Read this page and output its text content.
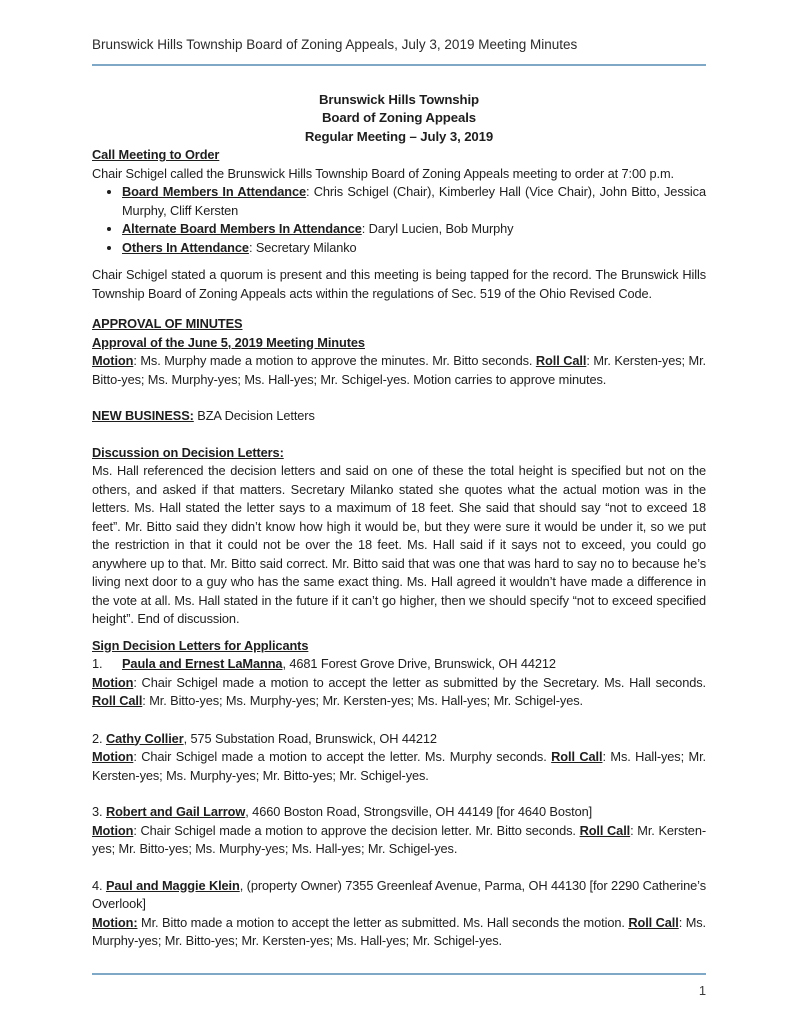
Brunswick Hills Township Board of Zoning Appeals, July 3, 2019 Meeting Minutes
Brunswick Hills Township
Board of Zoning Appeals
Regular Meeting – July 3, 2019
Call Meeting to Order

Chair Schigel called the Brunswick Hills Township Board of Zoning Appeals meeting to order at 7:00 p.m.

• Board Members In Attendance: Chris Schigel (Chair), Kimberley Hall (Vice Chair), John Bitto, Jessica Murphy, Cliff Kersten
• Alternate Board Members In Attendance: Daryl Lucien, Bob Murphy
• Others In Attendance: Secretary Milanko

Chair Schigel stated a quorum is present and this meeting is being tapped for the record. The Brunswick Hills Township Board of Zoning Appeals acts within the regulations of Sec. 519 of the Ohio Revised Code.

APPROVAL OF MINUTES
Approval of the June 5, 2019 Meeting Minutes

Motion: Ms. Murphy made a motion to approve the minutes. Mr. Bitto seconds. Roll Call: Mr. Kersten-yes; Mr. Bitto-yes; Ms. Murphy-yes; Ms. Hall-yes; Mr. Schigel-yes. Motion carries to approve minutes.

NEW BUSINESS: BZA Decision Letters

Discussion on Decision Letters:

Ms. Hall referenced the decision letters and said on one of these the total height is specified but not on the others, and asked if that matters. Secretary Milanko stated she quotes what the actual motion was in the letters. Ms. Hall stated the letter says to a maximum of 18 feet. She said that should say “not to exceed 18 feet”. Mr. Bitto said they didn’t know how high it would be, but they were sure it would be under it, so we put the restriction in that it could not be over the 18 feet. Ms. Hall said if it says not to exceed, you could go anywhere up to that. Mr. Bitto said correct. Mr. Bitto said that was one that was hard to say no to because he’s living next door to a guy who has the same exact thing. Ms. Hall agreed it wouldn’t have made a difference in the vote at all. Ms. Hall stated in the future if it can’t go higher, then we should specify “not to exceed specified height”. End of discussion.

Sign Decision Letters for Applicants

1. Paula and Ernest LaManna, 4681 Forest Grove Drive, Brunswick, OH 44212

Motion: Chair Schigel made a motion to accept the letter as submitted by the Secretary. Ms. Hall seconds. Roll Call: Mr. Bitto-yes; Ms. Murphy-yes; Mr. Kersten-yes; Ms. Hall-yes; Mr. Schigel-yes.

2. Cathy Collier, 575 Substation Road, Brunswick, OH 44212

Motion: Chair Schigel made a motion to accept the letter. Ms. Murphy seconds. Roll Call: Ms. Hall-yes; Mr. Kersten-yes; Ms. Murphy-yes; Mr. Bitto-yes; Mr. Schigel-yes.

3. Robert and Gail Larrow, 4660 Boston Road, Strongsville, OH 44149 [for 4640 Boston]

Motion: Chair Schigel made a motion to approve the decision letter. Mr. Bitto seconds. Roll Call: Mr. Kersten-yes; Mr. Bitto-yes; Ms. Murphy-yes; Ms. Hall-yes; Mr. Schigel-yes.

4. Paul and Maggie Klein, (property Owner) 7355 Greenleaf Avenue, Parma, OH 44130 [for 2290 Catherine’s Overlook]

Motion: Mr. Bitto made a motion to accept the letter as submitted. Ms. Hall seconds the motion. Roll Call: Ms. Murphy-yes; Mr. Bitto-yes; Mr. Kersten-yes; Ms. Hall-yes; Mr. Schigel-yes.

1
